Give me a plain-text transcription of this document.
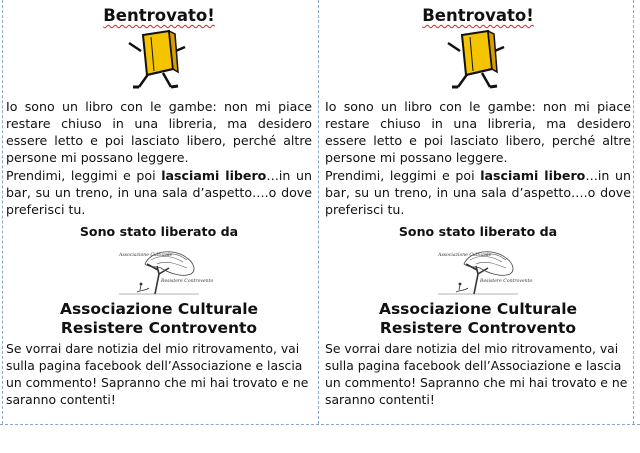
Bentrovato!

Io sono un libro con le gambe: non mi piace restare chiuso in una libreria, ma desidero essere letto e poi lasciato libero, perché altre persone mi possano leggere.

Prendimi, leggimi e poi lasciami libero…in un bar, su un treno, in una sala d’aspetto….o dove preferisci tu.

Sono stato liberato da
Associazione Culturale
Resistere Controvento
Associazione Culturale
Resistere Controvento

Se vorrai dare notizia del mio ritrovamento, vai sulla pagina facebook dell’Associazione e lascia un commento! Sapranno che mi hai trovato e ne saranno contenti!

Bentrovato!

Io sono un libro con le gambe: non mi piace restare chiuso in una libreria, ma desidero essere letto e poi lasciato libero, perché altre persone mi possano leggere.

Prendimi, leggimi e poi lasciami libero…in un bar, su un treno, in una sala d’aspetto….o dove preferisci tu.

Sono stato liberato da
Associazione Culturale
Resistere Controvento
Associazione Culturale
Resistere Controvento

Se vorrai dare notizia del mio ritrovamento, vai sulla pagina facebook dell’Associazione e lascia un commento! Sapranno che mi hai trovato e ne saranno contenti!
